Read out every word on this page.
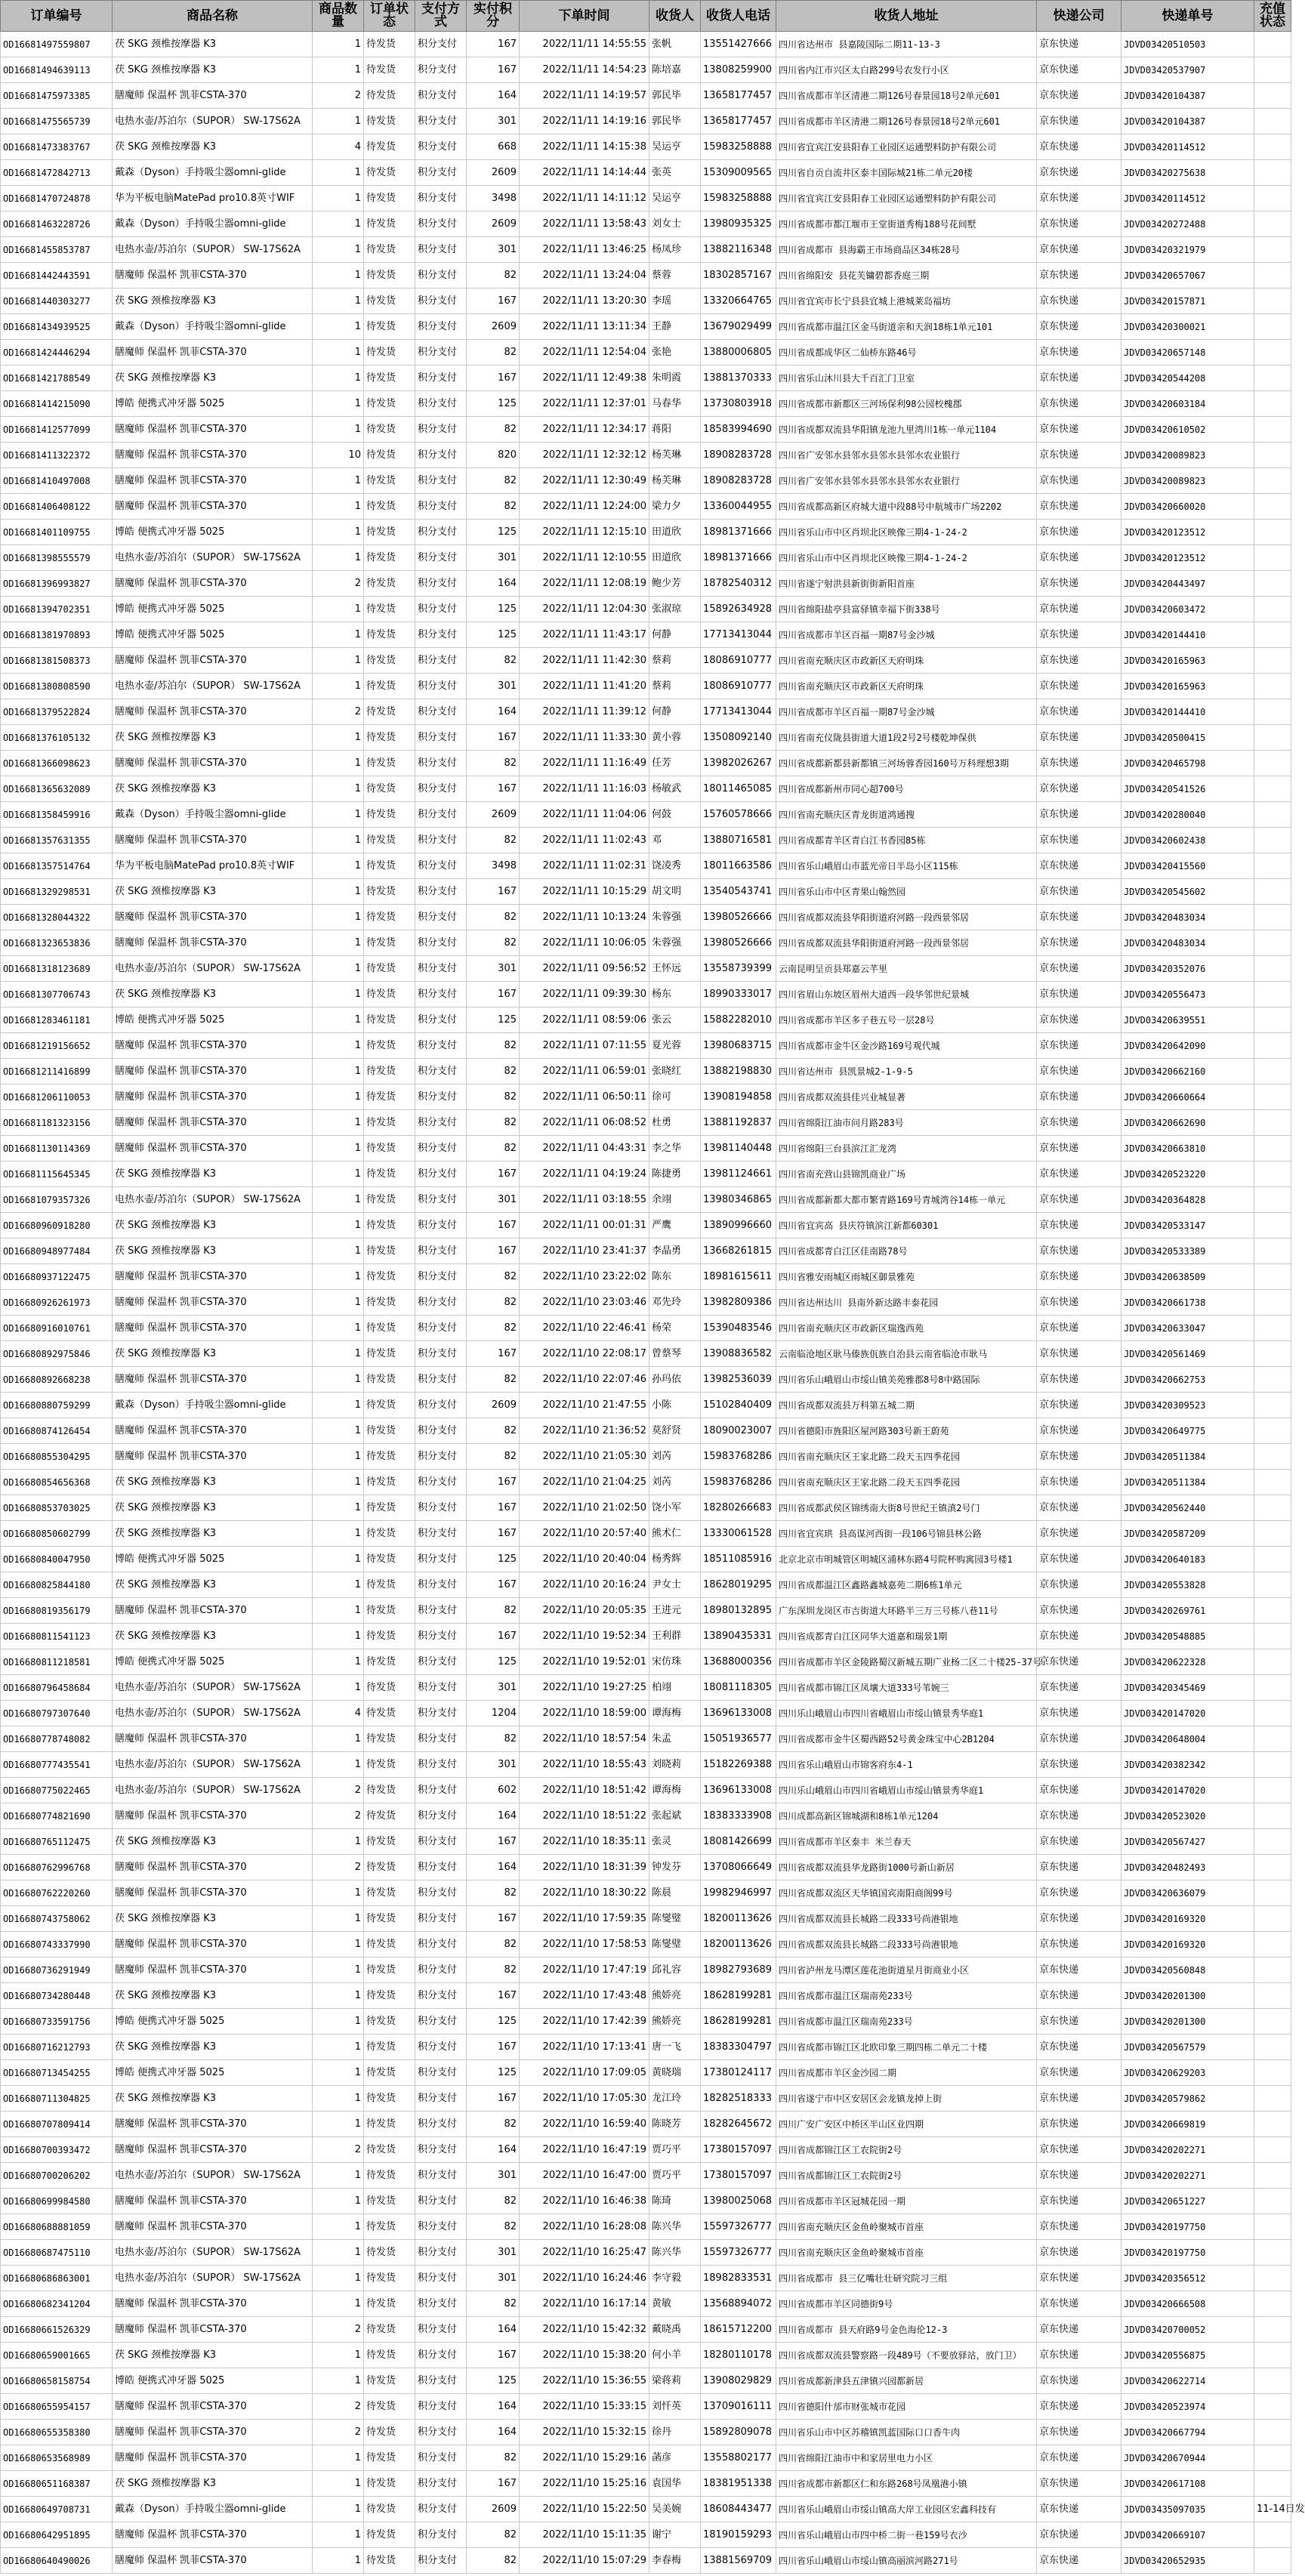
订单编号	商品名称	商品数量	订单状态	支付方式	实付积分	下单时间	收货人	收货人电话	收货人地址	快递公司	快递单号	充值状态
OD16681497559807	茯 SKG 颈椎按摩器 K3	1	待发货	积分支付	167	2022/11/11 14:55:55	张帆	13551427666	四川省达州市 县嘉陵国际二期11-13-3	京东快递	JDVD03420510503	
OD16681494639113	茯 SKG 颈椎按摩器 K3	1	待发货	积分支付	167	2022/11/11 14:54:23	陈培嘉	13808259900	四川省内江市兴区太白路299号农发行小区	京东快递	JDVD03420537907	
OD16681475973385	膳魔师 保温杯 凯菲CSTA-370	2	待发货	积分支付	164	2022/11/11 14:19:57	郭民毕	13658177457	四川省成都市羊区清港二期126号春景园18号2单元601	京东快递	JDVD03420104387	
OD16681475565739	电热水壶/苏泊尔（SUPOR） SW-17S62A	1	待发货	积分支付	301	2022/11/11 14:19:16	郭民毕	13658177457	四川省成都市羊区清港二期126号春景园18号2单元601	京东快递	JDVD03420104387	
OD16681473383767	茯 SKG 颈椎按摩器 K3	4	待发货	积分支付	668	2022/11/11 14:15:38	吴运亨	15983258888	四川省宜宾江安县阳春工业园区运通塑料防护有限公司	京东快递	JDVD03420114512	
OD16681472842713	戴森（Dyson）手持吸尘器omni-glide	1	待发货	积分支付	2609	2022/11/11 14:14:44	张英	15309009565	四川省自贡自流井区泰丰国际城21栋二单元20楼	京东快递	JDVD03420275638	
OD16681470724878	华为平板电脑MatePad pro10.8英寸WIF	1	待发货	积分支付	3498	2022/11/11 14:11:12	吴运亨	15983258888	四川省宜宾江安县阳春工业园区运通塑料防护有限公司	京东快递	JDVD03420114512	
OD16681463228726	戴森（Dyson）手持吸尘器omni-glide	1	待发货	积分支付	2609	2022/11/11 13:58:43	刘女士	13980935325	四川省成都市都江堰市王堂街道秀梅188号花间墅	京东快递	JDVD03420272488	
OD16681455853787	电热水壶/苏泊尔（SUPOR） SW-17S62A	1	待发货	积分支付	301	2022/11/11 13:46:25	杨凤珍	13882116348	四川省成都市 县海霸王市场商品区34栋28号	京东快递	JDVD03420321979	
OD16681442443591	膳魔师 保温杯 凯菲CSTA-370	1	待发货	积分支付	82	2022/11/11 13:24:04	蔡蓉	18302857167	四川省绵阳安 县花芙镛碧都香庭三期	京东快递	JDVD03420657067	
OD16681440303277	茯 SKG 颈椎按摩器 K3	1	待发货	积分支付	167	2022/11/11 13:20:30	李瑶	13320664765	四川省宜宾市长宁县县宜城上港城莱岛福坊	京东快递	JDVD03420157871	
OD16681434939525	戴森（Dyson）手持吸尘器omni-glide	1	待发货	积分支付	2609	2022/11/11 13:11:34	王静	13679029499	四川省成都市温江区金马街道亲和天润18栋1单元101	京东快递	JDVD03420300021	
OD16681424446294	膳魔师 保温杯 凯菲CSTA-370	1	待发货	积分支付	82	2022/11/11 12:54:04	张艳	13880006805	四川省成都成华区二仙桥东路46号	京东快递	JDVD03420657148	
OD16681421788549	茯 SKG 颈椎按摩器 K3	1	待发货	积分支付	167	2022/11/11 12:49:38	朱明霞	13881370333	四川省乐山沐川县大千百汇门卫室	京东快递	JDVD03420544208	
OD16681414215090	博皓 便携式冲牙器 5025	1	待发货	积分支付	125	2022/11/11 12:37:01	马春华	13730803918	四川省成都市新都区三河场保利98公园校槐郡	京东快递	JDVD03420603184	
OD16681412577099	膳魔师 保温杯 凯菲CSTA-370	1	待发货	积分支付	82	2022/11/11 12:34:17	蒋阳	18583994690	四川省成都双流县华阳镇龙池九里湾川1栋一单元1104	京东快递	JDVD03420610502	
OD16681411322372	膳魔师 保温杯 凯菲CSTA-370	10	待发货	积分支付	820	2022/11/11 12:32:12	杨芙琳	18908283728	四川省广安邻水县邻水县邻水县邻水农业银行	京东快递	JDVD03420089823	
OD16681410497008	膳魔师 保温杯 凯菲CSTA-370	1	待发货	积分支付	82	2022/11/11 12:30:49	杨芙琳	18908283728	四川省广安邻水县邻水县邻水县邻水农业银行	京东快递	JDVD03420089823	
OD16681406408122	膳魔师 保温杯 凯菲CSTA-370	1	待发货	积分支付	82	2022/11/11 12:24:00	梁力夕	13360044955	四川省成都高新区府城大道中段88号中航城市广场2202	京东快递	JDVD03420660020	
OD16681401109755	博皓 便携式冲牙器 5025	1	待发货	积分支付	125	2022/11/11 12:15:10	田道欣	18981371666	四川省乐山市中区肖坝北区映像三期4-1-24-2	京东快递	JDVD03420123512	
OD16681398555579	电热水壶/苏泊尔（SUPOR） SW-17S62A	1	待发货	积分支付	301	2022/11/11 12:10:55	田道欣	18981371666	四川省乐山市中区肖坝北区映像三期4-1-24-2	京东快递	JDVD03420123512	
OD16681396993827	膳魔师 保温杯 凯菲CSTA-370	2	待发货	积分支付	164	2022/11/11 12:08:19	鲍少芳	18782540312	四川省遂宁射洪县新街街新阳首座	京东快递	JDVD03420443497	
OD16681394702351	博皓 便携式冲牙器 5025	1	待发货	积分支付	125	2022/11/11 12:04:30	张淑琼	15892634928	四川省绵阳盐亭县富驿镇幸福下街338号	京东快递	JDVD03420603472	
OD16681381970893	博皓 便携式冲牙器 5025	1	待发货	积分支付	125	2022/11/11 11:43:17	何静	17713413044	四川省成都市羊区百福一期87号金沙城	京东快递	JDVD03420144410	
OD16681381508373	膳魔师 保温杯 凯菲CSTA-370	1	待发货	积分支付	82	2022/11/11 11:42:30	蔡莉	18086910777	四川省南充顺庆区市政新区天府明珠	京东快递	JDVD03420165963	
OD16681380808590	电热水壶/苏泊尔（SUPOR） SW-17S62A	1	待发货	积分支付	301	2022/11/11 11:41:20	蔡莉	18086910777	四川省南充顺庆区市政新区天府明珠	京东快递	JDVD03420165963	
OD16681379522824	膳魔师 保温杯 凯菲CSTA-370	2	待发货	积分支付	164	2022/11/11 11:39:12	何静	17713413044	四川省成都市羊区百福一期87号金沙城	京东快递	JDVD03420144410	
OD16681376105132	茯 SKG 颈椎按摩器 K3	1	待发货	积分支付	167	2022/11/11 11:33:30	黄小蓉	13508092140	四川省南充仪陇县街道大道1段2号2号楼乾坤保供	京东快递	JDVD03420500415	
OD16681366098623	膳魔师 保温杯 凯菲CSTA-370	1	待发货	积分支付	82	2022/11/11 11:16:49	任芳	13982026267	四川省成都新都县新都镇三河场蓉香园160号万科理想3期	京东快递	JDVD03420465798	
OD16681365632089	茯 SKG 颈椎按摩器 K3	1	待发货	积分支付	167	2022/11/11 11:16:03	杨敏武	18011465085	四川省成都新州市同心超700号	京东快递	JDVD03420541526	
OD16681358459916	戴森（Dyson）手持吸尘器omni-glide	1	待发货	积分支付	2609	2022/11/11 11:04:06	何鼓	15760578666	四川省南充顺庆区青龙街道鸿通搜	京东快递	JDVD03420280040	
OD16681357631355	膳魔师 保温杯 凯菲CSTA-370	1	待发货	积分支付	82	2022/11/11 11:02:43	邓	13880716581	四川省成都青羊区青白江书香园85栋	京东快递	JDVD03420602438	
OD16681357514764	华为平板电脑MatePad pro10.8英寸WIF	1	待发货	积分支付	3498	2022/11/11 11:02:31	饶凌秀	18011663586	四川省乐山峨眉山市蓝光帝日半岛小区115栋	京东快递	JDVD03420415560	
OD16681329298531	茯 SKG 颈椎按摩器 K3	1	待发货	积分支付	167	2022/11/11 10:15:29	胡文明	13540543741	四川省乐山市中区青果山翰然园	京东快递	JDVD03420545602	
OD16681328044322	膳魔师 保温杯 凯菲CSTA-370	1	待发货	积分支付	82	2022/11/11 10:13:24	朱蓉强	13980526666	四川省成都双流县华阳街道府河路一段西景邻居	京东快递	JDVD03420483034	
OD16681323653836	膳魔师 保温杯 凯菲CSTA-370	1	待发货	积分支付	82	2022/11/11 10:06:05	朱蓉强	13980526666	四川省成都双流县华阳街道府河路一段西景邻居	京东快递	JDVD03420483034	
OD16681318123689	电热水壶/苏泊尔（SUPOR） SW-17S62A	1	待发货	积分支付	301	2022/11/11 09:56:52	王怀远	13558739399	云南昆明呈贡县郑嘉云芊里	京东快递	JDVD03420352076	
OD16681307706743	茯 SKG 颈椎按摩器 K3	1	待发货	积分支付	167	2022/11/11 09:39:30	杨东	18990333017	四川省眉山东坡区眉州大道西一段华邻世纪景城	京东快递	JDVD03420556473	
OD16681283461181	博皓 便携式冲牙器 5025	1	待发货	积分支付	125	2022/11/11 08:59:06	张云	15882282010	四川省成都市羊区多子巷五号一层28号	京东快递	JDVD03420639551	
OD16681219156652	膳魔师 保温杯 凯菲CSTA-370	1	待发货	积分支付	82	2022/11/11 07:11:55	夏光蓉	13980683715	四川省成都市金牛区金沙路169号观代城	京东快递	JDVD03420642090	
OD16681211416899	膳魔师 保温杯 凯菲CSTA-370	1	待发货	积分支付	82	2022/11/11 06:59:01	张晓红	13882198830	四川省达州市 县凯景城2-1-9-5	京东快递	JDVD03420662160	
OD16681206110053	膳魔师 保温杯 凯菲CSTA-370	1	待发货	积分支付	82	2022/11/11 06:50:11	徐可	13908194858	四川省成都双流县佳兴业城显著	京东快递	JDVD03420660664	
OD16681181323156	膳魔师 保温杯 凯菲CSTA-370	1	待发货	积分支付	82	2022/11/11 06:08:52	杜勇	13881192837	四川省绵阳江油市问月路283号	京东快递	JDVD03420662690	
OD16681130114369	膳魔师 保温杯 凯菲CSTA-370	1	待发货	积分支付	82	2022/11/11 04:43:31	李之华	13981140448	四川省绵阳三台县滨江汇龙湾	京东快递	JDVD03420663810	
OD16681115645345	茯 SKG 颈椎按摩器 K3	1	待发货	积分支付	167	2022/11/11 04:19:24	陈捷勇	13981124661	四川省南充营山县锦凯商业广场	京东快递	JDVD03420523220	
OD16681079357326	电热水壶/苏泊尔（SUPOR） SW-17S62A	1	待发货	积分支付	301	2022/11/11 03:18:55	余翊	13980346865	四川省成都新都大都市繁青路169号青城湾谷14栋一单元	京东快递	JDVD03420364828	
OD16680960918280	茯 SKG 颈椎按摩器 K3	1	待发货	积分支付	167	2022/11/11 00:01:31	严鹰	13890996660	四川省宜宾高 县庆符镇滨江新都60301	京东快递	JDVD03420533147	
OD16680948977484	茯 SKG 颈椎按摩器 K3	1	待发货	积分支付	167	2022/11/10 23:41:37	李晶勇	13668261815	四川省成都青白江区佳南路78号	京东快递	JDVD03420533389	
OD16680937122475	膳魔师 保温杯 凯菲CSTA-370	1	待发货	积分支付	82	2022/11/10 23:22:02	陈东	18981615611	四川省雅安雨城区雨城区御景雅苑	京东快递	JDVD03420638509	
OD16680926261973	膳魔师 保温杯 凯菲CSTA-370	1	待发货	积分支付	82	2022/11/10 23:03:46	邓先玲	13982809386	四川省达州达川 县南外新达路丰泰花园	京东快递	JDVD03420661738	
OD16680916010761	膳魔师 保温杯 凯菲CSTA-370	1	待发货	积分支付	82	2022/11/10 22:46:41	杨荣	15390483546	四川省南充顺庆区市政新区瑞逸西苑	京东快递	JDVD03420633047	
OD16680892975846	茯 SKG 颈椎按摩器 K3	1	待发货	积分支付	167	2022/11/10 22:08:17	曾蔡琴	13908836582	云南临沧地区耿马傣族佤族自治县云南省临沧市耿马	京东快递	JDVD03420561469	
OD16680892668238	膳魔师 保温杯 凯菲CSTA-370	1	待发货	积分支付	82	2022/11/10 22:07:46	孙玛依	13982536039	四川省乐山峨眉山市绥山镇美苑雅郡8号8中路国际	京东快递	JDVD03420662753	
OD16680880759299	戴森（Dyson）手持吸尘器omni-glide	1	待发货	积分支付	2609	2022/11/10 21:47:55	小陈	15102840409	四川省成都双流县万科第五城二期	京东快递	JDVD03420309523	
OD16680874126454	膳魔师 保温杯 凯菲CSTA-370	1	待发货	积分支付	82	2022/11/10 21:36:52	莫舒贤	18090023007	四川省德阳市旌阳区屋河路303号新王蔚苑	京东快递	JDVD03420649775	
OD16680855304295	膳魔师 保温杯 凯菲CSTA-370	1	待发货	积分支付	82	2022/11/10 21:05:30	刘芮	15983768286	四川省南充顺庆区王家北路二段天玉四季花园	京东快递	JDVD03420511384	
OD16680854656368	茯 SKG 颈椎按摩器 K3	1	待发货	积分支付	167	2022/11/10 21:04:25	刘芮	15983768286	四川省南充顺庆区王家北路二段天玉四季花园	京东快递	JDVD03420511384	
OD16680853703025	茯 SKG 颈椎按摩器 K3	1	待发货	积分支付	167	2022/11/10 21:02:50	饶小军	18280266683	四川省成都武侯区锦绣南大街8号世纪王镇滇2号门	京东快递	JDVD03420562440	
OD16680850602799	茯 SKG 颈椎按摩器 K3	1	待发货	积分支付	167	2022/11/10 20:57:40	熊术仁	13330061528	四川省宜宾珙 县高谋河西街一段106号锦县林公路	京东快递	JDVD03420587209	
OD16680840047950	博皓 便携式冲牙器 5025	1	待发货	积分支付	125	2022/11/10 20:40:04	杨秀辉	18511085916	北京北京市明城管区明城区浦林东路4号院杯购寓园3号楼1	京东快递	JDVD03420640183	
OD16680825844180	茯 SKG 颈椎按摩器 K3	1	待发货	积分支付	167	2022/11/10 20:16:24	尹女士	18628019295	四川省成都温江区鑫路鑫城嘉苑二期6栋1单元	京东快递	JDVD03420553828	
OD16680819356179	膳魔师 保温杯 凯菲CSTA-370	1	待发货	积分支付	82	2022/11/10 20:05:35	王进元	18980132895	广东深圳龙岗区市吉街道大环路半三万三号栋八巷11号	京东快递	JDVD03420269761	
OD16680811541123	茯 SKG 颈椎按摩器 K3	1	待发货	积分支付	167	2022/11/10 19:52:34	王利群	13890435331	四川省成都青白江区同华大道嘉和瑞景1期	京东快递	JDVD03420548885	
OD16680811218581	博皓 便携式冲牙器 5025	1	待发货	积分支付	125	2022/11/10 19:52:01	宋仿珠	13688000356	四川省成都市羊区金陵路蜀汉新城五期广业杨二区二十楼25-37号	京东快递	JDVD03420622328	
OD16680796458684	电热水壶/苏泊尔（SUPOR） SW-17S62A	1	待发货	积分支付	301	2022/11/10 19:27:25	柏翊	18081118305	四川省成都市锦江区凤壤大道333号苇婉三	京东快递	JDVD03420345469	
OD16680797307640	电热水壶/苏泊尔（SUPOR） SW-17S62A	4	待发货	积分支付	1204	2022/11/10 18:59:00	谭海梅	13696133008	四川乐山峨眉山市四川省峨眉山市绥山镇景秀华庭1	京东快递	JDVD03420147020	
OD16680778748082	膳魔师 保温杯 凯菲CSTA-370	1	待发货	积分支付	82	2022/11/10 18:57:54	朱孟	15051936577	四川省成都市金牛区蜀西路52号黄金珠宝中心2B1204	京东快递	JDVD03420648004	
OD16680777435541	电热水壶/苏泊尔（SUPOR） SW-17S62A	1	待发货	积分支付	301	2022/11/10 18:55:43	刘晓莉	15182269388	四川省乐山峨眉山市锦客府东4-1	京东快递	JDVD03420382342	
OD16680775022465	电热水壶/苏泊尔（SUPOR） SW-17S62A	2	待发货	积分支付	602	2022/11/10 18:51:42	谭海梅	13696133008	四川乐山峨眉山市四川省峨眉山市绥山镇景秀华庭1	京东快递	JDVD03420147020	
OD16680774821690	膳魔师 保温杯 凯菲CSTA-370	2	待发货	积分支付	164	2022/11/10 18:51:22	张起斌	18383333908	四川成都高新区锦城湖和8栋1单元1204	京东快递	JDVD03420523020	
OD16680765112475	茯 SKG 颈椎按摩器 K3	1	待发货	积分支付	167	2022/11/10 18:35:11	张灵	18081426699	四川省成都市羊区泰丰 米兰春天	京东快递	JDVD03420567427	
OD16680762996768	膳魔师 保温杯 凯菲CSTA-370	2	待发货	积分支付	164	2022/11/10 18:31:39	钟发芬	13708066649	四川省成都双流县华龙路街1000号新山新居	京东快递	JDVD03420482493	
OD16680762220260	膳魔师 保温杯 凯菲CSTA-370	1	待发货	积分支付	82	2022/11/10 18:30:22	陈晨	19982946997	四川省成都双流区天华镇国宾南阳商阁99号	京东快递	JDVD03420636079	
OD16680743758062	茯 SKG 颈椎按摩器 K3	1	待发货	积分支付	167	2022/11/10 17:59:35	陈燮璧	18200113626	四川省成都双流县长城路二段333号尚港银地	京东快递	JDVD03420169320	
OD16680743337990	膳魔师 保温杯 凯菲CSTA-370	1	待发货	积分支付	82	2022/11/10 17:58:53	陈燮璧	18200113626	四川省成都双流县长城路二段333号尚港银地	京东快递	JDVD03420169320	
OD16680736291949	膳魔师 保温杯 凯菲CSTA-370	1	待发货	积分支付	82	2022/11/10 17:47:19	邱礼容	18982793689	四川省泸州龙马潭区莲花池街道星月街商业小区	京东快递	JDVD03420560848	
OD16680734280448	茯 SKG 颈椎按摩器 K3	1	待发货	积分支付	167	2022/11/10 17:43:48	熊娇亮	18628199281	四川省成都市温江区瑞南苑233号	京东快递	JDVD03420201300	
OD16680733591756	博皓 便携式冲牙器 5025	1	待发货	积分支付	125	2022/11/10 17:42:39	熊娇亮	18628199281	四川省成都市温江区瑞南苑233号	京东快递	JDVD03420201300	
OD16680716212793	茯 SKG 颈椎按摩器 K3	1	待发货	积分支付	167	2022/11/10 17:13:41	唐一飞	18383304797	四川省成都市锦江区北欧印象三期四栋二单元二十楼	京东快递	JDVD03420567579	
OD16680713454255	博皓 便携式冲牙器 5025	1	待发货	积分支付	125	2022/11/10 17:09:05	黄晓瑞	17380124117	四川省成都市羊区金沙园二期	京东快递	JDVD03420629203	
OD16680711304825	茯 SKG 颈椎按摩器 K3	1	待发货	积分支付	167	2022/11/10 17:05:30	龙江玲	18282518333	四川省遂宁市中区安居区会龙镇龙掉上街	京东快递	JDVD03420579862	
OD16680707809414	膳魔师 保温杯 凯菲CSTA-370	1	待发货	积分支付	82	2022/11/10 16:59:40	陈晓芳	18282645672	四川广安广安区中桥区半山区业四期	京东快递	JDVD03420669819	
OD16680700393472	膳魔师 保温杯 凯菲CSTA-370	2	待发货	积分支付	164	2022/11/10 16:47:19	贾巧平	17380157097	四川省成都锦江区工农院街2号	京东快递	JDVD03420202271	
OD16680700206202	电热水壶/苏泊尔（SUPOR） SW-17S62A	1	待发货	积分支付	301	2022/11/10 16:47:00	贾巧平	17380157097	四川省成都锦江区工农院街2号	京东快递	JDVD03420202271	
OD16680699984580	膳魔师 保温杯 凯菲CSTA-370	1	待发货	积分支付	82	2022/11/10 16:46:38	陈琦	13980025068	四川省成都市羊区冠城花园一期	京东快递	JDVD03420651227	
OD16680688881059	膳魔师 保温杯 凯菲CSTA-370	1	待发货	积分支付	82	2022/11/10 16:28:08	陈兴华	15597326777	四川省南充顺庆区金鱼岭聚城市首座	京东快递	JDVD03420197750	
OD16680687475110	电热水壶/苏泊尔（SUPOR） SW-17S62A	1	待发货	积分支付	301	2022/11/10 16:25:47	陈兴华	15597326777	四川省南充顺庆区金鱼岭聚城市首座	京东快递	JDVD03420197750	
OD16680686863001	电热水壶/苏泊尔（SUPOR） SW-17S62A	1	待发货	积分支付	301	2022/11/10 16:24:46	李守毅	18982833531	四川省成都市 县三亿嘴壮壮研究院习三组	京东快递	JDVD03420356512	
OD16680682341204	膳魔师 保温杯 凯菲CSTA-370	1	待发货	积分支付	82	2022/11/10 16:17:14	黄敏	13568894072	四川省成都市羊区同德街9号	京东快递	JDVD03420666508	
OD16680661526329	膳魔师 保温杯 凯菲CSTA-370	2	待发货	积分支付	164	2022/11/10 15:42:32	戴晓禹	18615712200	四川省成都市 县天府路9号金色海伦12-3	京东快递	JDVD03420700052	
OD16680659001665	茯 SKG 颈椎按摩器 K3	1	待发货	积分支付	167	2022/11/10 15:38:20	何小羊	18280110178	四川省成都双流县警察路一段489号（不要放驿站，放门卫）	京东快递	JDVD03420556875	
OD16680658158754	博皓 便携式冲牙器 5025	1	待发货	积分支付	125	2022/11/10 15:36:55	梁蒋莉	13908029829	四川省成都新津县五津镇兴园都新居	京东快递	JDVD03420622714	
OD16680655954157	膳魔师 保温杯 凯菲CSTA-370	2	待发货	积分支付	164	2022/11/10 15:33:15	刘忏英	13709016111	四川省德阳什邡市财张城市花园	京东快递	JDVD03420523974	
OD16680655358380	膳魔师 保温杯 凯菲CSTA-370	2	待发货	积分支付	164	2022/11/10 15:32:15	徐丹	15892809078	四川省乐山市中区苏稽镇凯蓝国际口口香牛肉	京东快递	JDVD03420667794	
OD16680653568989	膳魔师 保温杯 凯菲CSTA-370	1	待发货	积分支付	82	2022/11/10 15:29:16	菡彦	13558802177	四川省绵阳江油市中和家居里电力小区	京东快递	JDVD03420670944	
OD16680651168387	茯 SKG 颈椎按摩器 K3	1	待发货	积分支付	167	2022/11/10 15:25:16	袁国华	18381951338	四川省成都市新都区仁和东路268号凤凰港小镇	京东快递	JDVD03420617108	
OD16680649708731	戴森（Dyson）手持吸尘器omni-glide	1	待发货	积分支付	2609	2022/11/10 15:22:50	吴美婉	18608443477	四川省乐山峨眉山市绥山镇高大岸工业园区宏鑫科技有	京东快递	JDVD03435097035	11-14日发
OD16680642951895	膳魔师 保温杯 凯菲CSTA-370	1	待发货	积分支付	82	2022/11/10 15:11:35	谢宁	18190159293	四川省乐山峨眉山市四中桥二街一巷159号衣沙	京东快递	JDVD03420669107	
OD16680640490026	膳魔师 保温杯 凯菲CSTA-370	1	待发货	积分支付	82	2022/11/10 15:07:29	李春梅	13881569709	四川省乐山峨眉山市绥山镇高丽滨河路271号	京东快递	JDVD03420652935	
